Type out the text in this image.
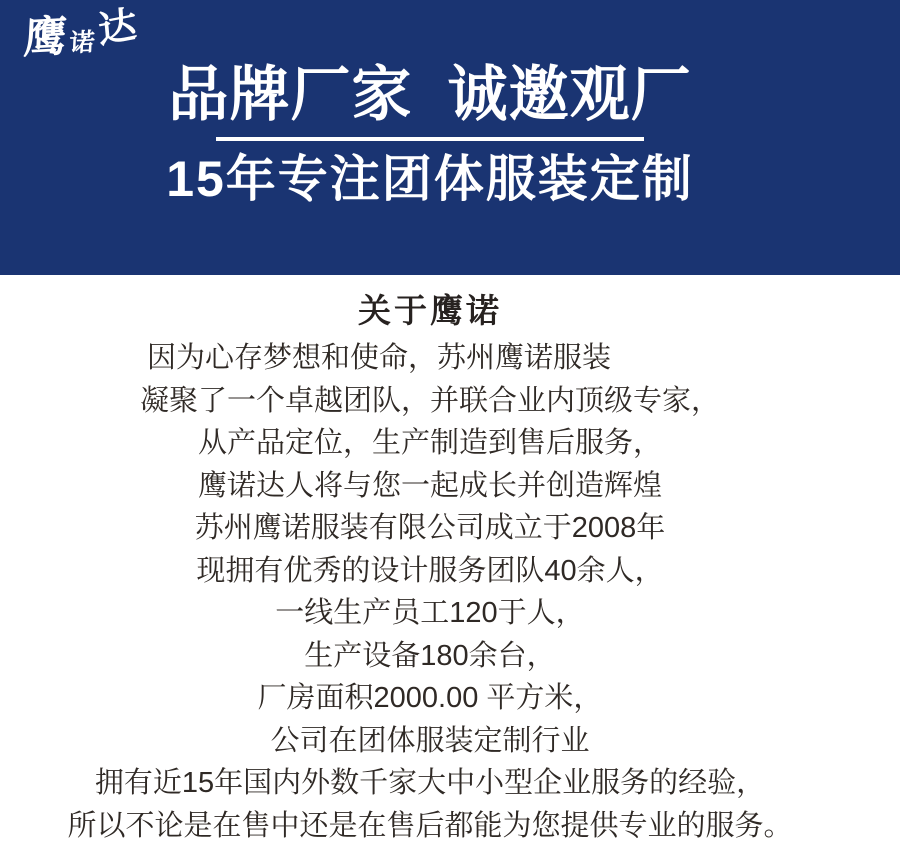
鹰 诺 达
品牌厂家  诚邀观厂
15年专注团体服装定制
关于鹰诺
因为心存梦想和使命，苏州鹰诺服装
凝聚了一个卓越团队，并联合业内顶级专家，
从产品定位，生产制造到售后服务，
鹰诺达人将与您一起成长并创造辉煌
苏州鹰诺服装有限公司成立于2008年
现拥有优秀的设计服务团队40余人，
一线生产员工120于人，
生产设备180余台，
厂房面积2000.00 平方米，
公司在团体服装定制行业
拥有近15年国内外数千家大中小型企业服务的经验，
所以不论是在售中还是在售后都能为您提供专业的服务。
